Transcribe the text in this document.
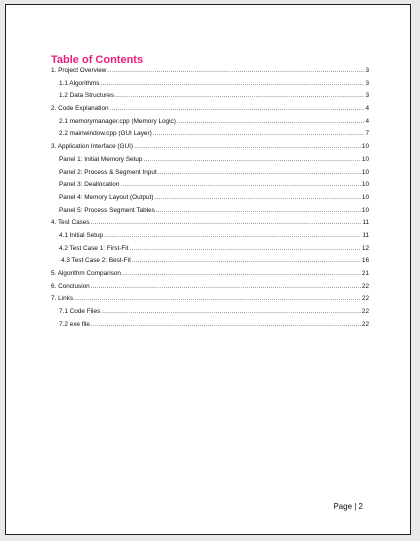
Table of Contents
1. Project Overview .....	3
1.1 Algorithms .....	3
1.2 Data Structures .....	3
2. Code Explanation .....	4
2.1 memorymanager.cpp (Memory Logic) .....	4
2.2 mainwindow.cpp (GUI Layer) .....	7
3. Application Interface (GUI) .....	10
Panel 1: Initial Memory Setup .....	10
Panel 2: Process & Segment Input .....	10
Panel 3: Deallocation .....	10
Panel 4: Memory Layout (Output) .....	10
Panel 5: Process Segment Tables .....	10
4. Test Cases .....	11
4.1 Initial Setup .....	11
4.2 Test Case 1: First-Fit .....	12
4.3 Test Case 2: Best-Fit .....	16
5. Algorithm Comparison .....	21
6. Conclusion .....	22
7. Links .....	22
7.1 Code Files .....	22
7.2 exe file .....	22
Page | 2
